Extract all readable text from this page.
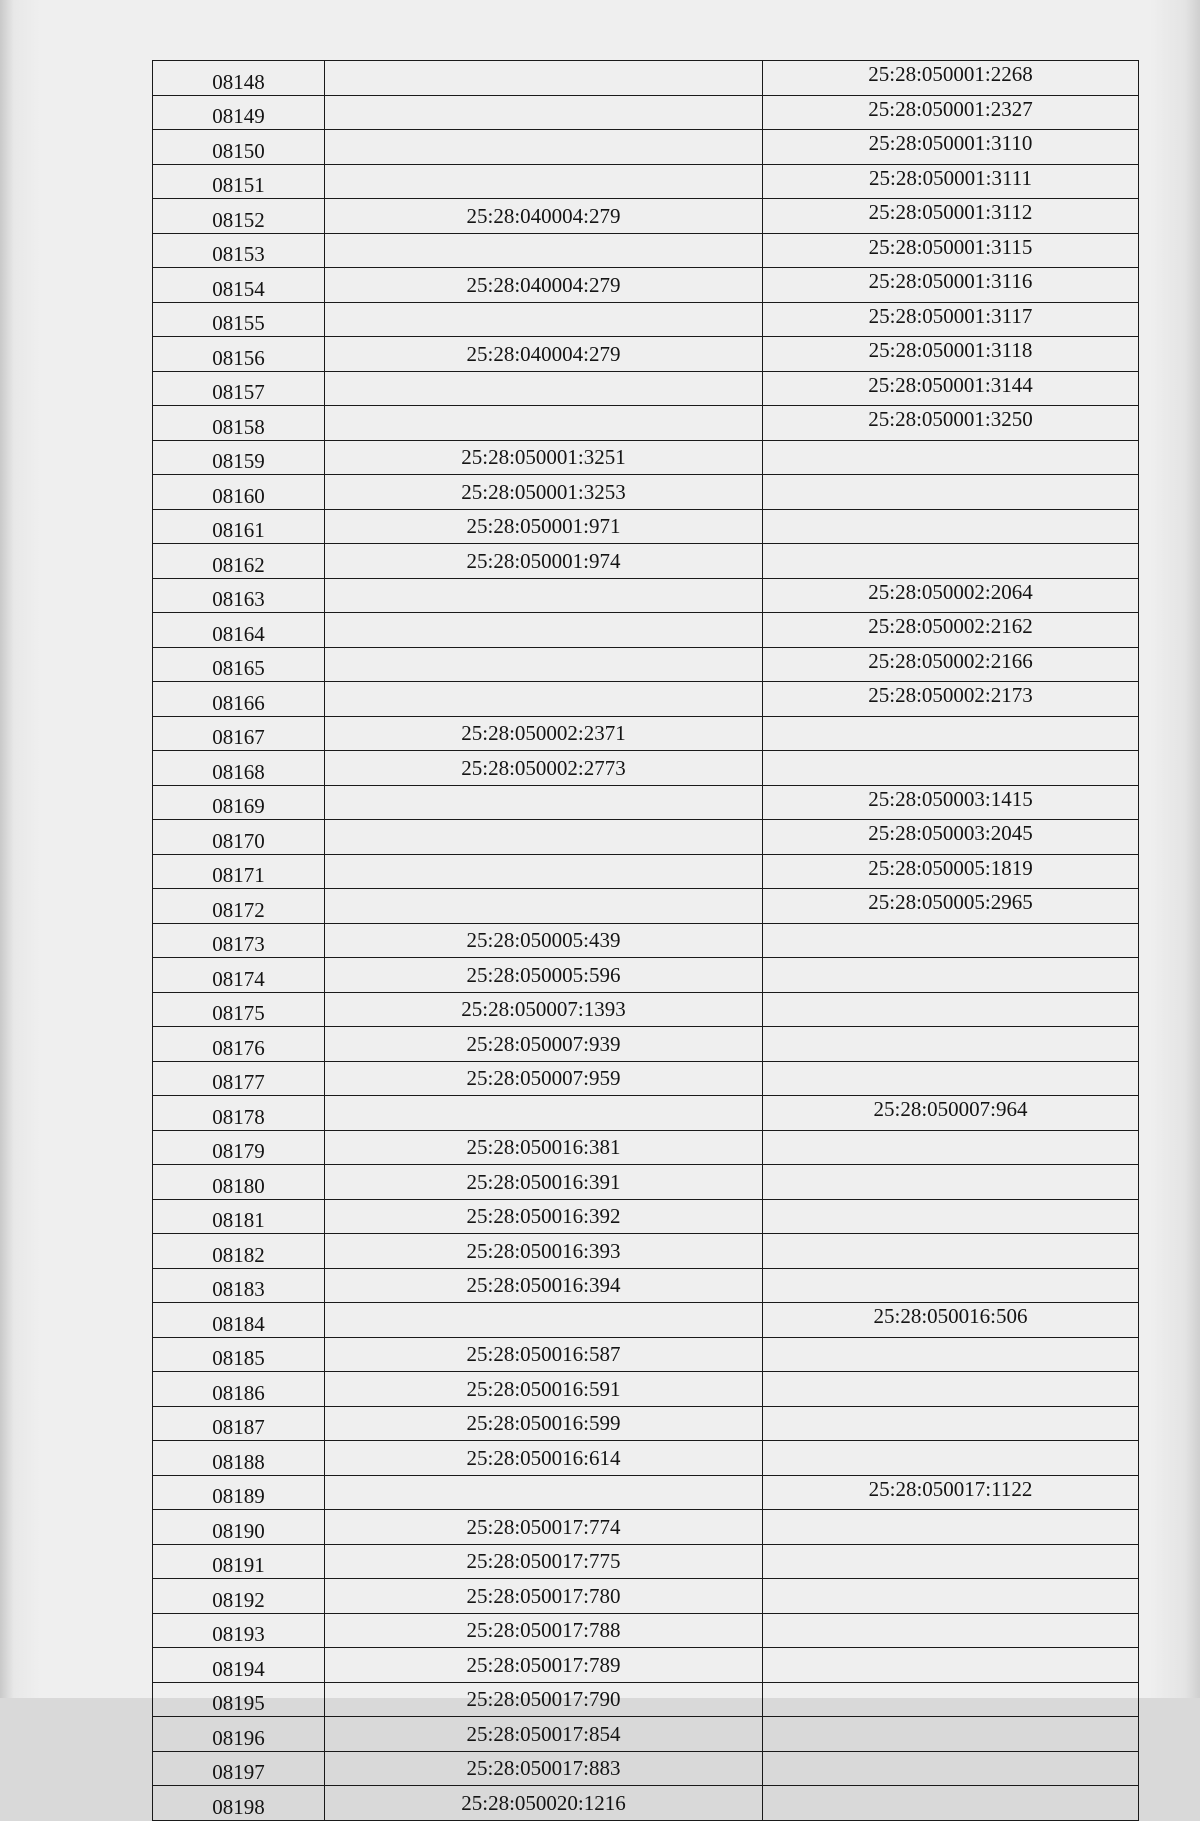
08148		25:28:050001:2268
08149		25:28:050001:2327
08150		25:28:050001:3110
08151		25:28:050001:3111
08152	25:28:040004:279	25:28:050001:3112
08153		25:28:050001:3115
08154	25:28:040004:279	25:28:050001:3116
08155		25:28:050001:3117
08156	25:28:040004:279	25:28:050001:3118
08157		25:28:050001:3144
08158		25:28:050001:3250
08159	25:28:050001:3251	
08160	25:28:050001:3253	
08161	25:28:050001:971	
08162	25:28:050001:974	
08163		25:28:050002:2064
08164		25:28:050002:2162
08165		25:28:050002:2166
08166		25:28:050002:2173
08167	25:28:050002:2371	
08168	25:28:050002:2773	
08169		25:28:050003:1415
08170		25:28:050003:2045
08171		25:28:050005:1819
08172		25:28:050005:2965
08173	25:28:050005:439	
08174	25:28:050005:596	
08175	25:28:050007:1393	
08176	25:28:050007:939	
08177	25:28:050007:959	
08178		25:28:050007:964
08179	25:28:050016:381	
08180	25:28:050016:391	
08181	25:28:050016:392	
08182	25:28:050016:393	
08183	25:28:050016:394	
08184		25:28:050016:506
08185	25:28:050016:587	
08186	25:28:050016:591	
08187	25:28:050016:599	
08188	25:28:050016:614	
08189		25:28:050017:1122
08190	25:28:050017:774	
08191	25:28:050017:775	
08192	25:28:050017:780	
08193	25:28:050017:788	
08194	25:28:050017:789	
08195	25:28:050017:790	
08196	25:28:050017:854	
08197	25:28:050017:883	
08198	25:28:050020:1216	
